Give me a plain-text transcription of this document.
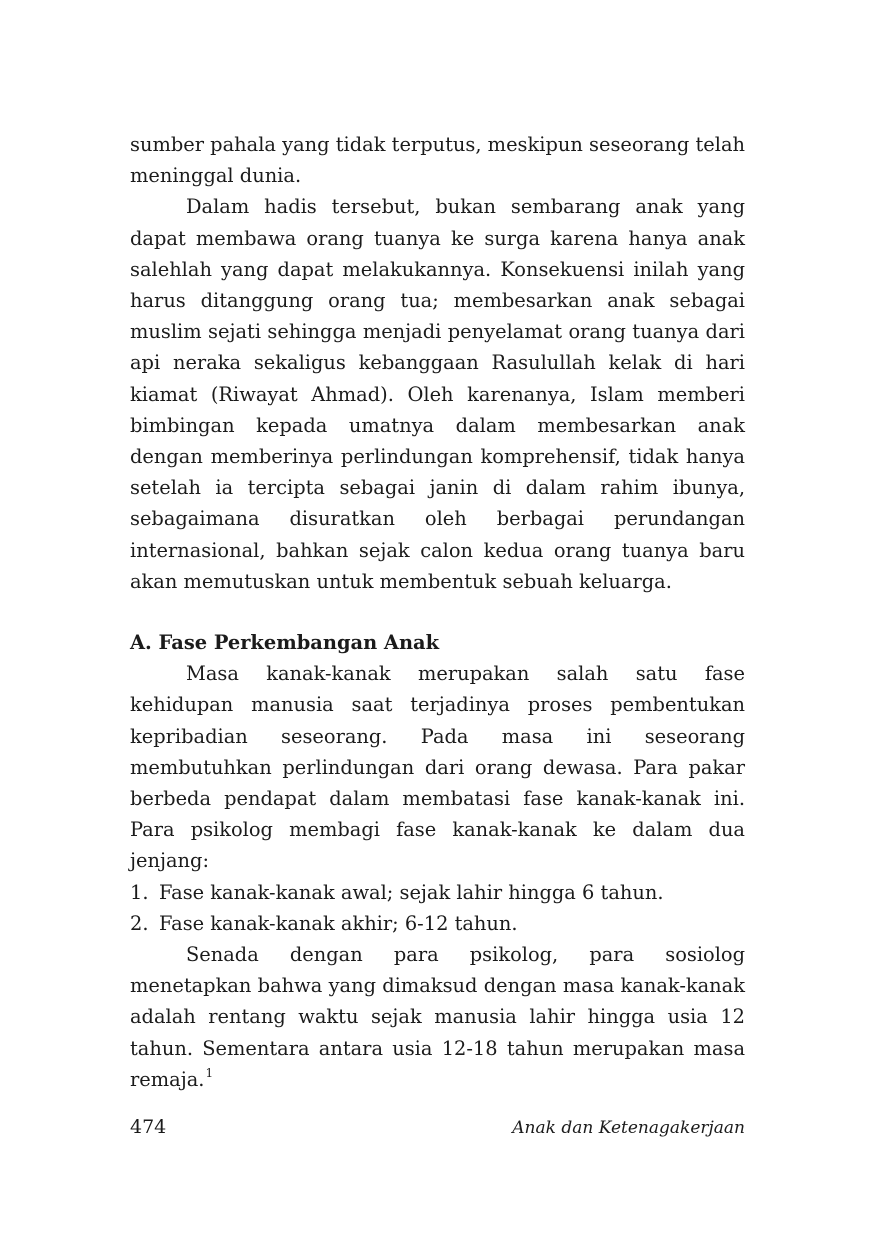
sumber pahala yang tidak terputus, meskipun seseorang telah meninggal dunia.

Dalam hadis tersebut, bukan sembarang anak yang dapat membawa orang tuanya ke surga karena hanya anak salehlah yang dapat melakukannya. Konsekuensi inilah yang harus ditanggung orang tua; membesarkan anak sebagai muslim sejati sehingga menjadi penyelamat orang tuanya dari api neraka sekaligus kebanggaan Rasulullah kelak di hari kiamat (Riwayat Ahmad). Oleh karenanya, Islam memberi bimbingan kepada umatnya dalam membesarkan anak dengan memberinya perlindungan komprehensif, tidak hanya setelah ia tercipta sebagai janin di dalam rahim ibunya, sebagaimana disuratkan oleh berbagai perundangan internasional, bahkan sejak calon kedua orang tuanya baru akan memutuskan untuk membentuk sebuah keluarga.

A. Fase Perkembangan Anak

Masa kanak-kanak merupakan salah satu fase kehidupan manusia saat terjadinya proses pembentukan kepribadian seseorang. Pada masa ini seseorang membutuhkan perlindungan dari orang dewasa. Para pakar berbeda pendapat dalam membatasi fase kanak-kanak ini. Para psikolog membagi fase kanak-kanak ke dalam dua jenjang:

1. Fase kanak-kanak awal; sejak lahir hingga 6 tahun.
2. Fase kanak-kanak akhir; 6-12 tahun.

Senada dengan para psikolog, para sosiolog menetapkan bahwa yang dimaksud dengan masa kanak-kanak adalah rentang waktu sejak manusia lahir hingga usia 12 tahun. Sementara antara usia 12-18 tahun merupakan masa remaja.$^1$

474	Anak dan Ketenagakerjaan
